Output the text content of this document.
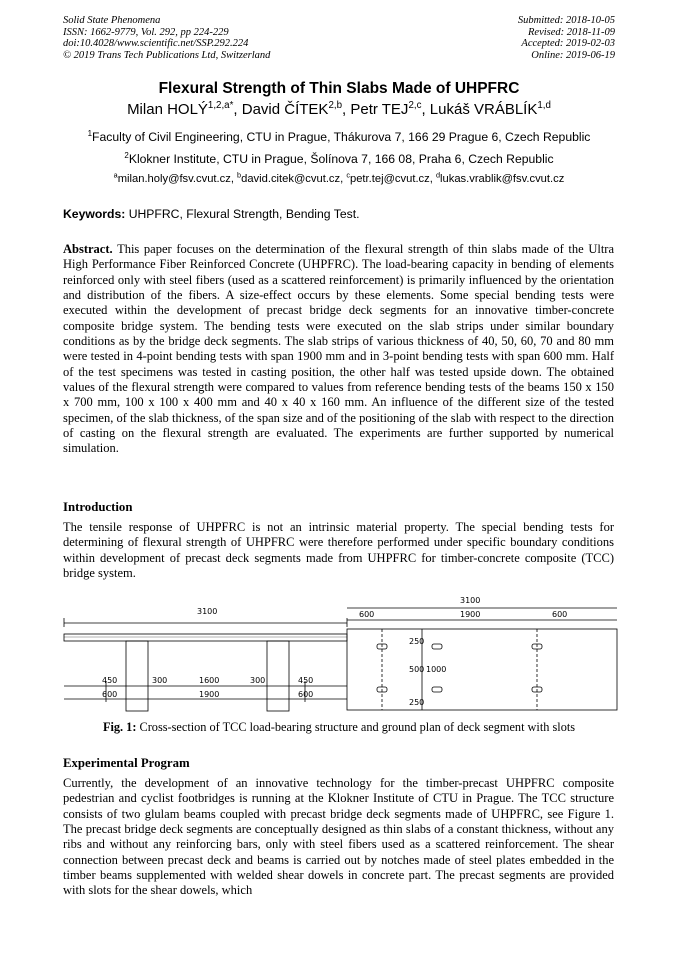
Solid State Phenomena
ISSN: 1662-9779, Vol. 292, pp 224-229
doi:10.4028/www.scientific.net/SSP.292.224
© 2019 Trans Tech Publications Ltd, Switzerland
Submitted: 2018-10-05
Revised: 2018-11-09
Accepted: 2019-02-03
Online: 2019-06-19
Flexural Strength of Thin Slabs Made of UHPFRC
Milan $HOLÝ^{1,2,a*}$, David ČÍTEK$^{2,b}$, Petr TEJ$^{2,c}$, Lukáš VRÁBLÍK$^{1,d}$
$^1$Faculty of Civil Engineering, CTU in Prague, Thákurova 7, 166 29 Prague 6, Czech Republic
$^2$Klokner Institute, CTU in Prague, Šolínova 7, 166 08, Praha 6, Czech Republic
$^a$milan.holy@fsv.cvut.cz, $^b$david.citek@cvut.cz, $^c$petr.tej@cvut.cz, $^d$lukas.vrablik@fsv.cvut.cz
Keywords: UHPFRC, Flexural Strength, Bending Test.
Abstract. This paper focuses on the determination of the flexural strength of thin slabs made of the Ultra High Performance Fiber Reinforced Concrete (UHPFRC). The load-bearing capacity in bending of elements reinforced only with steel fibers (used as a scattered reinforcement) is primarily influenced by the orientation and distribution of the fibers. A size-effect occurs by these elements. Some special bending tests were executed within the development of precast bridge deck segments for an innovative timber-concrete composite bridge system. The bending tests were executed on the slab strips under similar boundary conditions as by the bridge deck segments. The slab strips of various thickness of 40, 50, 60, 70 and 80 mm were tested in 4-point bending tests with span 1900 mm and in 3-point bending tests with span 600 mm. Half of the test specimens was tested in casting position, the other half was tested upside down. The obtained values of the flexural strength were compared to values from reference bending tests of the beams 150 x 150 x 700 mm, 100 x 100 x 400 mm and 40 x 40 x 160 mm. An influence of the different size of the tested specimen, of the slab thickness, of the span size and of the positioning of the slab with respect to the direction of casting on the flexural strength are evaluated. The experiments are further supported by numerical simulation.
Introduction
The tensile response of UHPFRC is not an intrinsic material property. The special bending tests for determining of flexural strength of UHPFRC were therefore performed under specific boundary conditions within development of precast deck segments made from UHPFRC for timber-concrete composite (TCC) bridge system.
3100
450	300	1600	300	450
600	1900	600
3100
600	1900	600
250
500
250
1000
Fig. 1: Cross-section of TCC load-bearing structure and ground plan of deck segment with slots
Experimental Program
Currently, the development of an innovative technology for the timber-precast UHPFRC composite pedestrian and cyclist footbridges is running at the Klokner Institute of CTU in Prague. The TCC structure consists of two glulam beams coupled with precast bridge deck segments made of UHPFRC, see Figure 1. The precast bridge deck segments are conceptually designed as thin slabs of a constant thickness, without any ribs and without any reinforcing bars, only with steel fibers used as a scattered reinforcement. The shear connection between precast deck and beams is carried out by notches made of steel plates embedded in the timber beams supplemented with welded shear dowels in concrete part. The precast segments are provided with slots for the shear dowels, which
